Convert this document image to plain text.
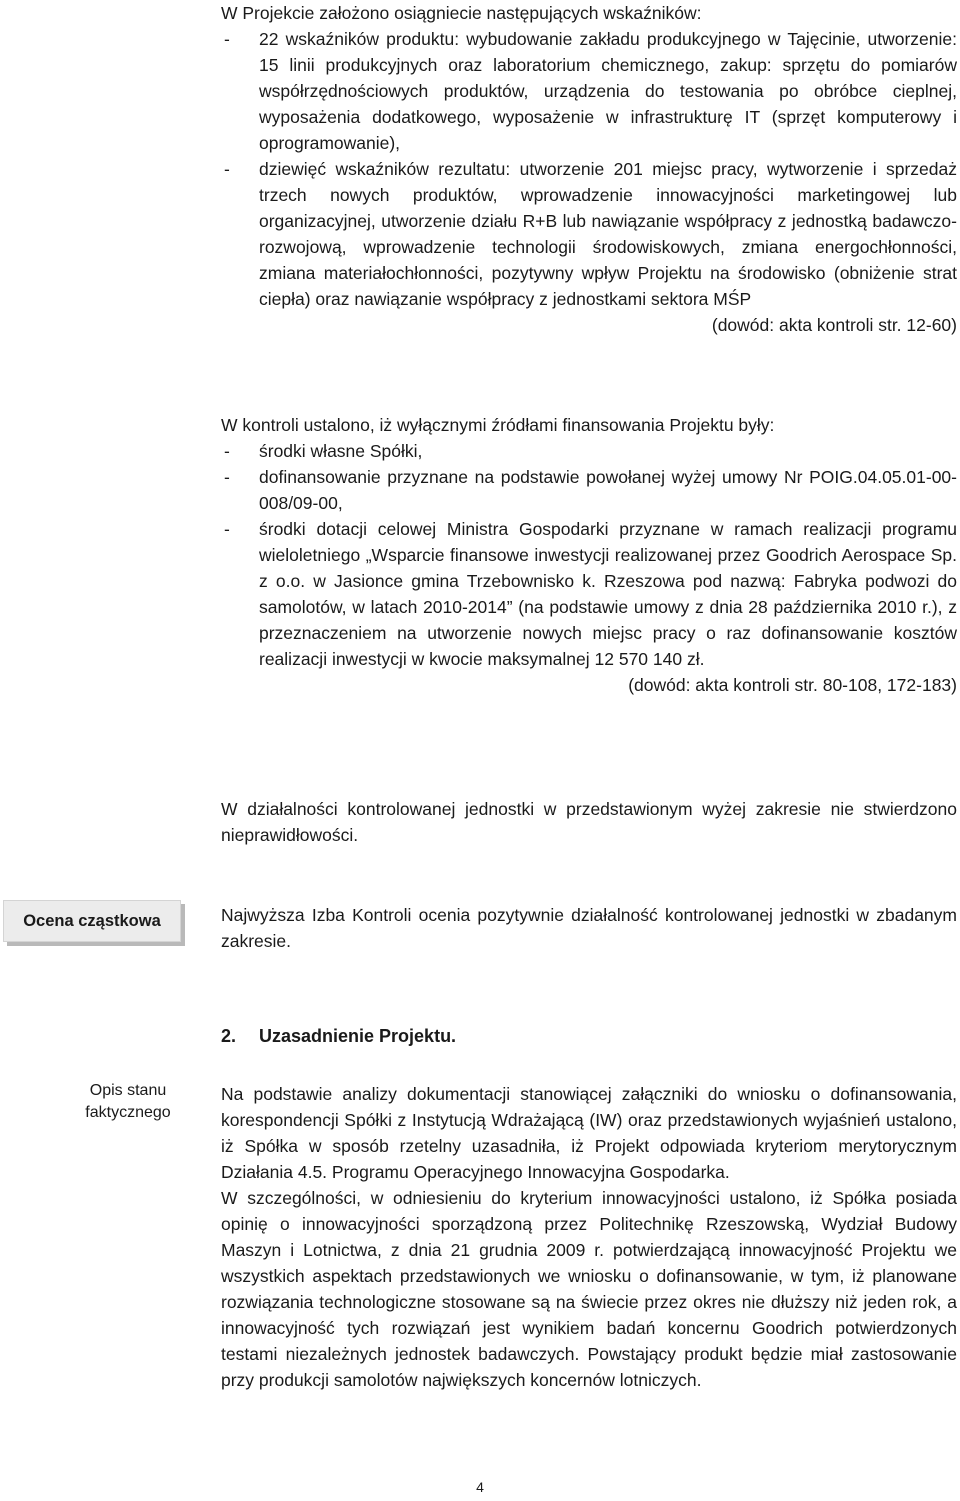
W Projekcie założono osiągniecie następujących wskaźników:

- 22 wskaźników produktu: wybudowanie zakładu produkcyjnego w Tajęcinie, utworzenie: 15 linii produkcyjnych oraz laboratorium chemicznego, zakup: sprzętu do pomiarów współrzędnościowych produktów, urządzenia do testowania po obróbce cieplnej, wyposażenia dodatkowego, wyposażenie w infrastrukturę IT (sprzęt komputerowy i oprogramowanie),
- dziewięć wskaźników rezultatu: utworzenie 201 miejsc pracy, wytworzenie i sprzedaż trzech nowych produktów, wprowadzenie innowacyjności marketingowej lub organizacyjnej, utworzenie działu R+B lub nawiązanie współpracy z jednostką badawczo-rozwojową, wprowadzenie technologii środowiskowych, zmiana energochłonności, zmiana materiałochłonności, pozytywny wpływ Projektu na środowisko (obniżenie strat ciepła) oraz nawiązanie współpracy z jednostkami sektora MŚP

(dowód: akta kontroli str. 12-60)

W kontroli ustalono, iż wyłącznymi źródłami finansowania Projektu były:

- środki własne Spółki,
- dofinansowanie przyznane na podstawie powołanej wyżej umowy Nr POIG.04.05.01-00-008/09-00,
- środki dotacji celowej Ministra Gospodarki przyznane w ramach realizacji programu wieloletniego „Wsparcie finansowe inwestycji realizowanej przez Goodrich Aerospace Sp. z o.o. w Jasionce gmina Trzebownisko k. Rzeszowa pod nazwą: Fabryka podwozi do samolotów, w latach 2010-2014” (na podstawie umowy z dnia 28 października 2010 r.), z przeznaczeniem na utworzenie nowych miejsc pracy o raz dofinansowanie kosztów realizacji inwestycji w kwocie maksymalnej 12 570 140 zł.

(dowód: akta kontroli str. 80-108, 172-183)

W działalności kontrolowanej jednostki w przedstawionym wyżej zakresie nie stwierdzono nieprawidłowości.

Ocena cząstkowa	Najwyższa Izba Kontroli ocenia pozytywnie działalność kontrolowanej jednostki w zbadanym zakresie.

2. Uzasadnienie Projektu.
Opis stanu
faktycznego

Na podstawie analizy dokumentacji stanowiącej załączniki do wniosku o dofinansowania, korespondencji Spółki z Instytucją Wdrażającą (IW) oraz przedstawionych wyjaśnień ustalono, iż Spółka w sposób rzetelny uzasadniła, iż Projekt odpowiada kryteriom merytorycznym Działania 4.5. Programu Operacyjnego Innowacyjna Gospodarka.

W szczególności, w odniesieniu do kryterium innowacyjności ustalono, iż Spółka posiada opinię o innowacyjności sporządzoną przez Politechnikę Rzeszowską, Wydział Budowy Maszyn i Lotnictwa, z dnia 21 grudnia 2009 r. potwierdzającą innowacyjność Projektu we wszystkich aspektach przedstawionych we wniosku o dofinansowanie, w tym, iż planowane rozwiązania technologiczne stosowane są na świecie przez okres nie dłuższy niż jeden rok, a innowacyjność tych rozwiązań jest wynikiem badań koncernu Goodrich potwierdzonych testami niezależnych jednostek badawczych. Powstający produkt będzie miał zastosowanie przy produkcji samolotów największych koncernów lotniczych.

4
